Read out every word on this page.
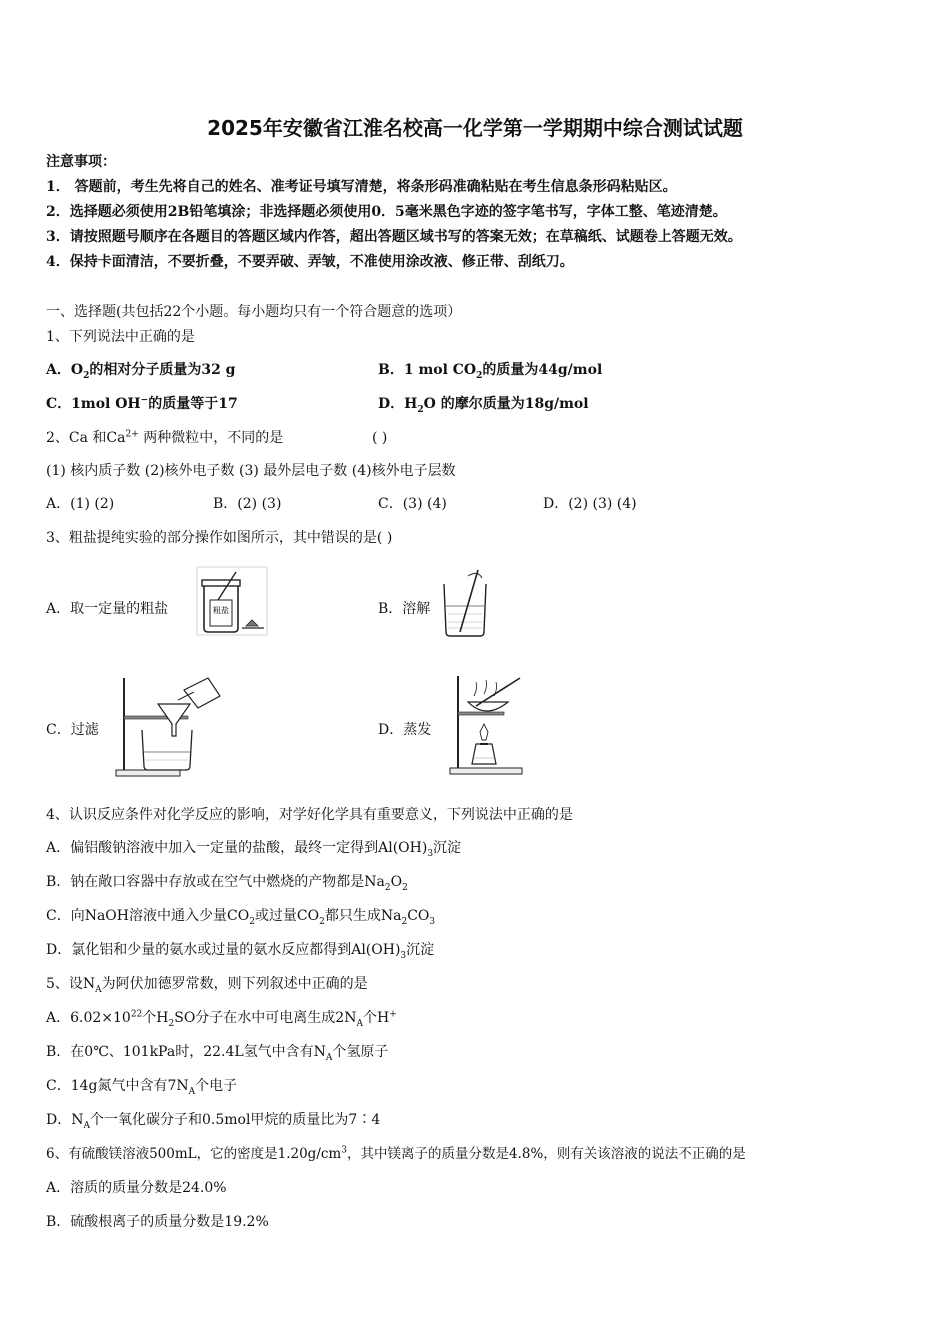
2025年安徽省江淮名校高一化学第一学期期中综合测试试题
注意事项：
1． 答题前，考生先将自己的姓名、准考证号填写清楚，将条形码准确粘贴在考生信息条形码粘贴区。
2．选择题必须使用2B铅笔填涂；非选择题必须使用0．5毫米黑色字迹的签字笔书写，字体工整、笔迹清楚。
3．请按照题号顺序在各题目的答题区域内作答，超出答题区域书写的答案无效；在草稿纸、试题卷上答题无效。
4．保持卡面清洁，不要折叠，不要弄破、弄皱，不准使用涂改液、修正带、刮纸刀。
一、选择题(共包括22个小题。每小题均只有一个符合题意的选项）
1、下列说法中正确的是
A．$O_2$的相对分子质量为32 g	B．1 mol $CO_2$的质量为44g/mol
C．1mol OH−的质量等于17	D．$H_2O$ 的摩尔质量为18g/mol
2、Ca 和$Ca^{2+}$ 两种微粒中，不同的是	( )
(1) 核内质子数 (2)核外电子数 (3) 最外层电子数 (4)核外电子层数
A．(1) (2)	B．(2) (3)	C．(3) (4)	D．(2) (3) (4)
3、粗盐提纯实验的部分操作如图所示，其中错误的是( )
A．取一定量的粗盐	B．溶解
C．过滤	D．蒸发
粗盐
4、认识反应条件对化学反应的影响，对学好化学具有重要意义，下列说法中正确的是
A．偏铝酸钠溶液中加入一定量的盐酸，最终一定得到$Al(OH)_3$沉淀
B．钠在敞口容器中存放或在空气中燃烧的产物都是$Na_2O_2$
C．向NaOH溶液中通入少量$CO_2$或过量$CO_2$都只生成$Na_2CO_3$
D．氯化铝和少量的氨水或过量的氨水反应都得到$Al(OH)_3$沉淀
5、设$N_A$为阿伏加德罗常数，则下列叙述中正确的是
A．$6.02\times 10^{22}$个$H_2SO$分子在水中可电离生成$2N_A$个H+
B．在0℃、101kPa时，22.4L氢气中含有$N_A$个氢原子
C．14g氮气中含有$7N_A$个电子
D．$N_A$个一氧化碳分子和0.5mol甲烷的质量比为7∶4
6、有硫酸镁溶液500mL，它的密度是$1.20g/cm^3$，其中镁离子的质量分数是4.8%，则有关该溶液的说法不正确的是
A．溶质的质量分数是24.0%
B．硫酸根离子的质量分数是19.2%
